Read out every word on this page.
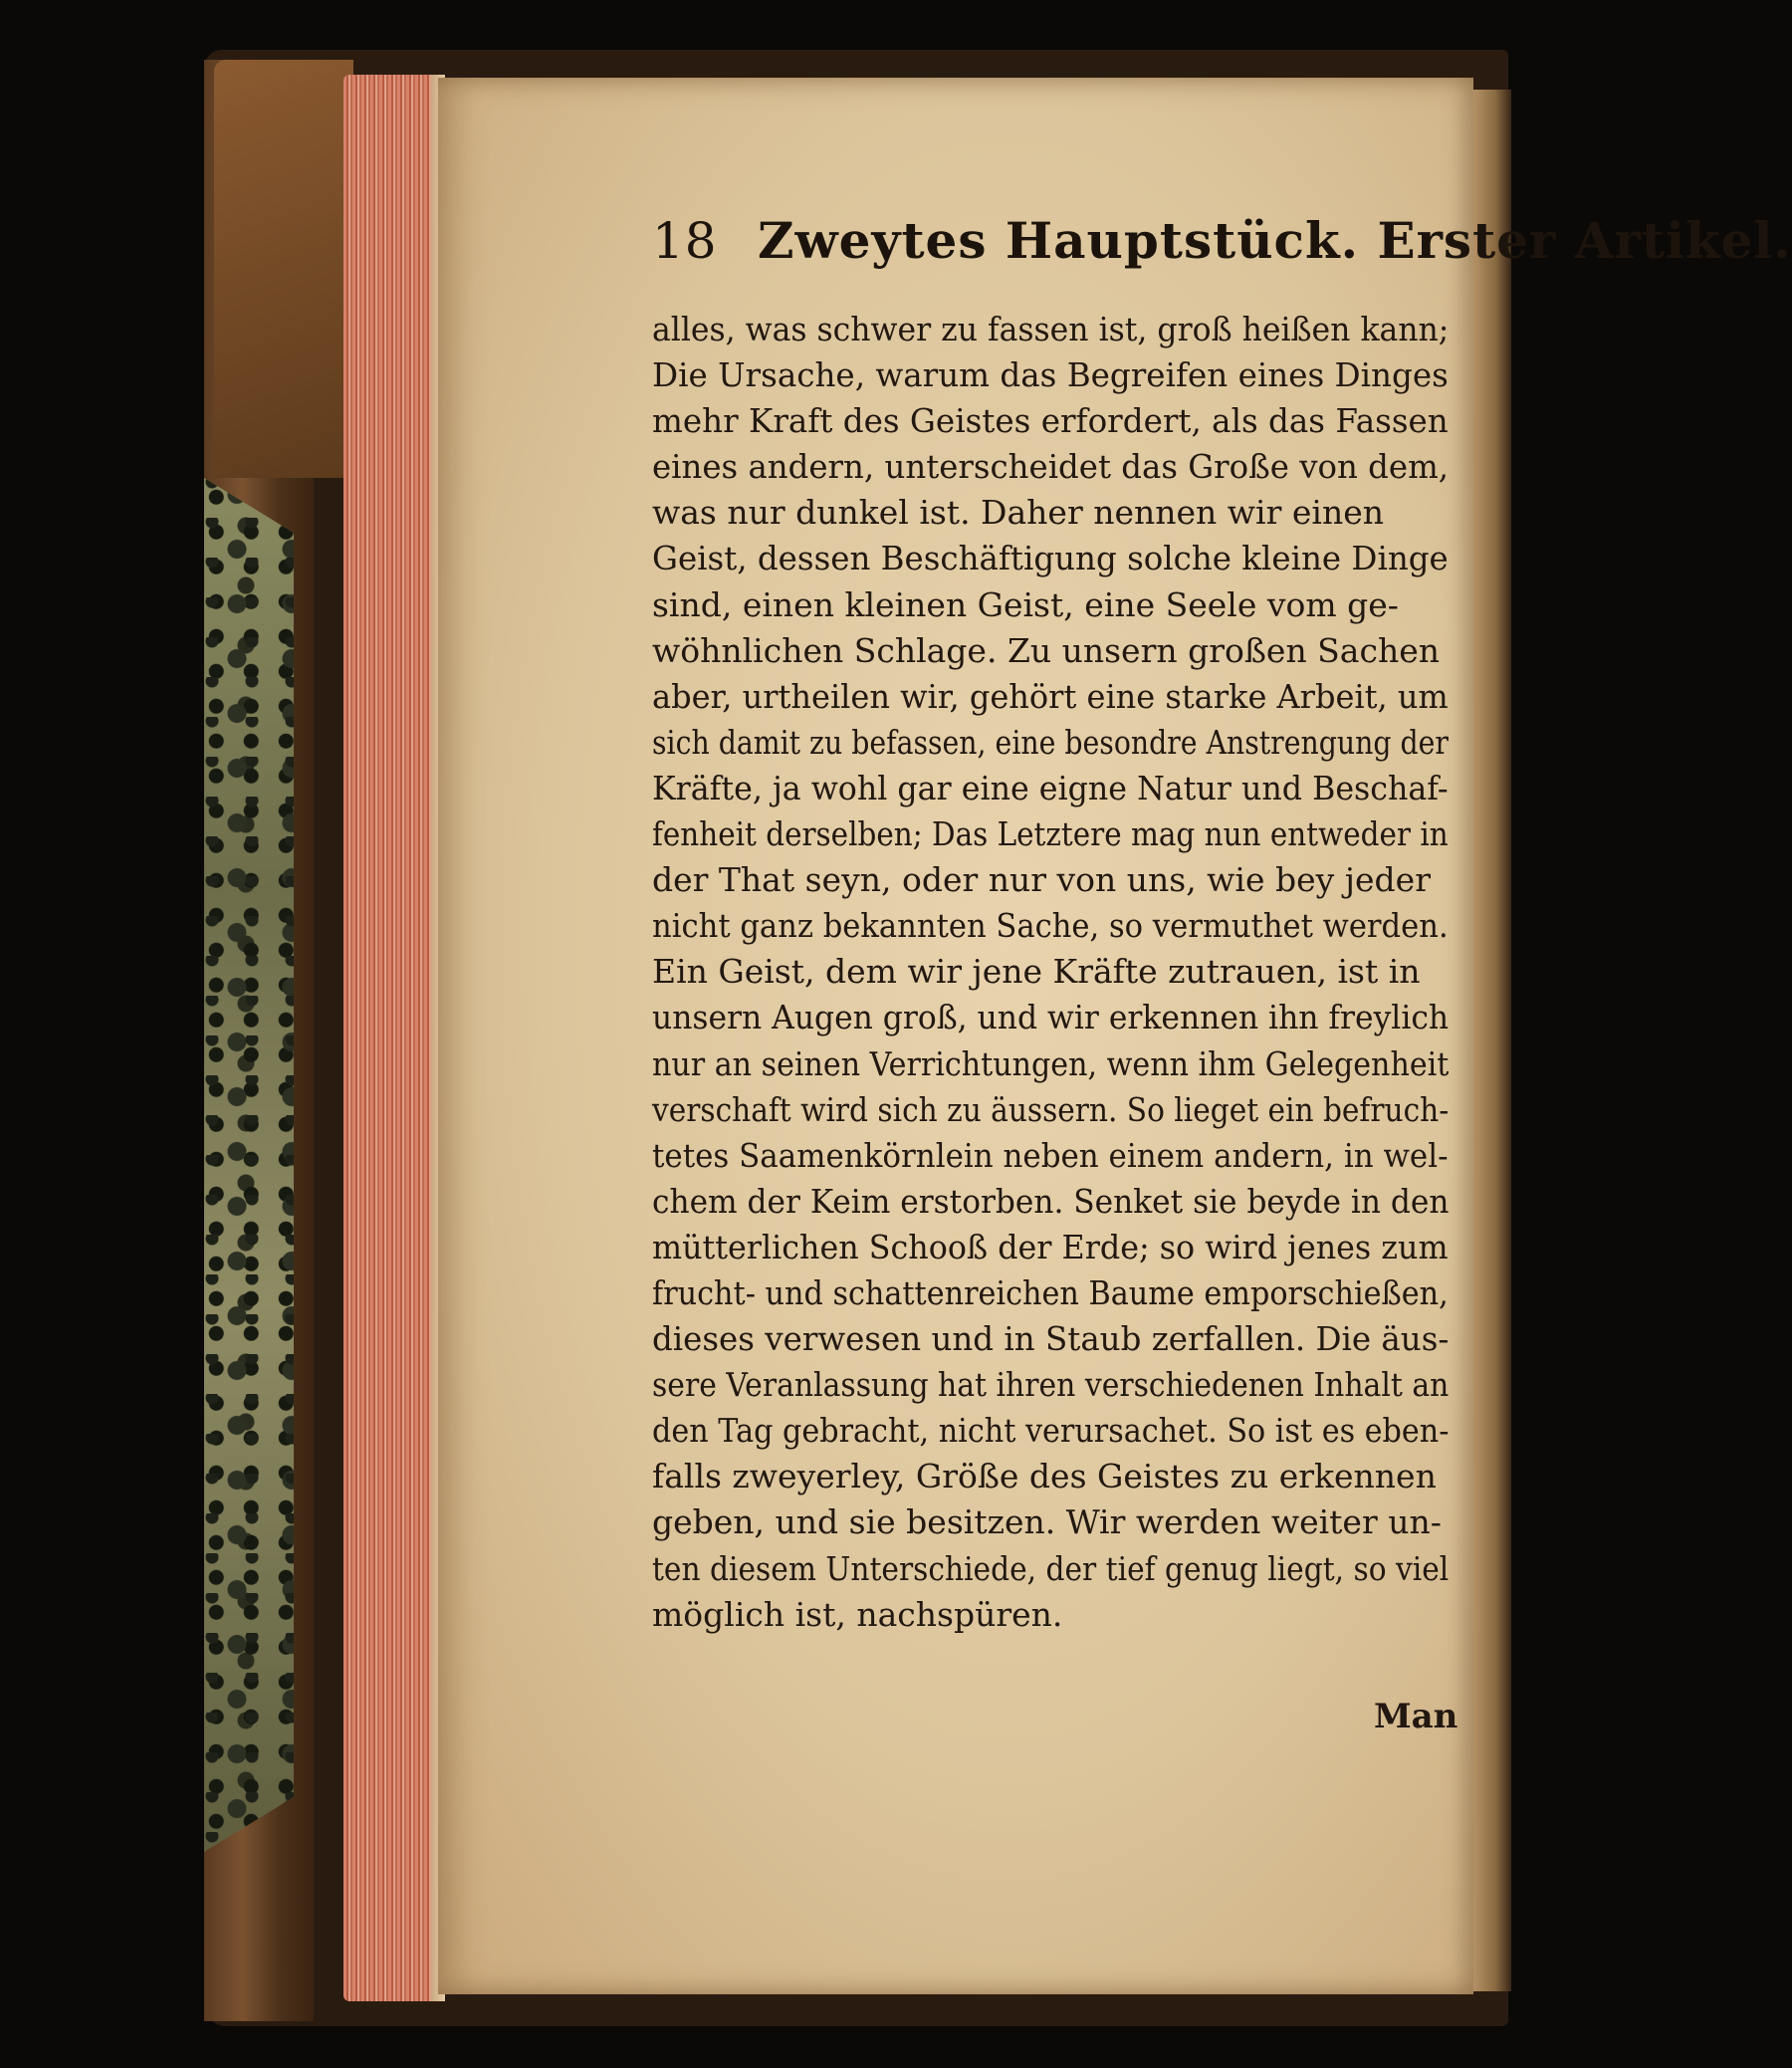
18 Zweytes Hauptstück. Erster Artikel.
alles, was schwer zu fassen ist, groß heißen kann;
Die Ursache, warum das Begreifen eines Dinges
mehr Kraft des Geistes erfordert, als das Fassen
eines andern, unterscheidet das Große von dem,
was nur dunkel ist. Daher nennen wir einen
Geist, dessen Beschäftigung solche kleine Dinge
sind, einen kleinen Geist, eine Seele vom ge-
wöhnlichen Schlage. Zu unsern großen Sachen
aber, urtheilen wir, gehört eine starke Arbeit, um
sich damit zu befassen, eine besondre Anstrengung der
Kräfte, ja wohl gar eine eigne Natur und Beschaf-
fenheit derselben; Das Letztere mag nun entweder in
der That seyn, oder nur von uns, wie bey jeder
nicht ganz bekannten Sache, so vermuthet werden.
Ein Geist, dem wir jene Kräfte zutrauen, ist in
unsern Augen groß, und wir erkennen ihn freylich
nur an seinen Verrichtungen, wenn ihm Gelegenheit
verschaft wird sich zu äussern. So lieget ein befruch-
tetes Saamenkörnlein neben einem andern, in wel-
chem der Keim erstorben. Senket sie beyde in den
mütterlichen Schooß der Erde; so wird jenes zum
frucht- und schattenreichen Baume emporschießen,
dieses verwesen und in Staub zerfallen. Die äus-
sere Veranlassung hat ihren verschiedenen Inhalt an
den Tag gebracht, nicht verursachet. So ist es eben-
falls zweyerley, Größe des Geistes zu erkennen
geben, und sie besitzen. Wir werden weiter un-
ten diesem Unterschiede, der tief genug liegt, so viel
möglich ist, nachspüren.
Man
